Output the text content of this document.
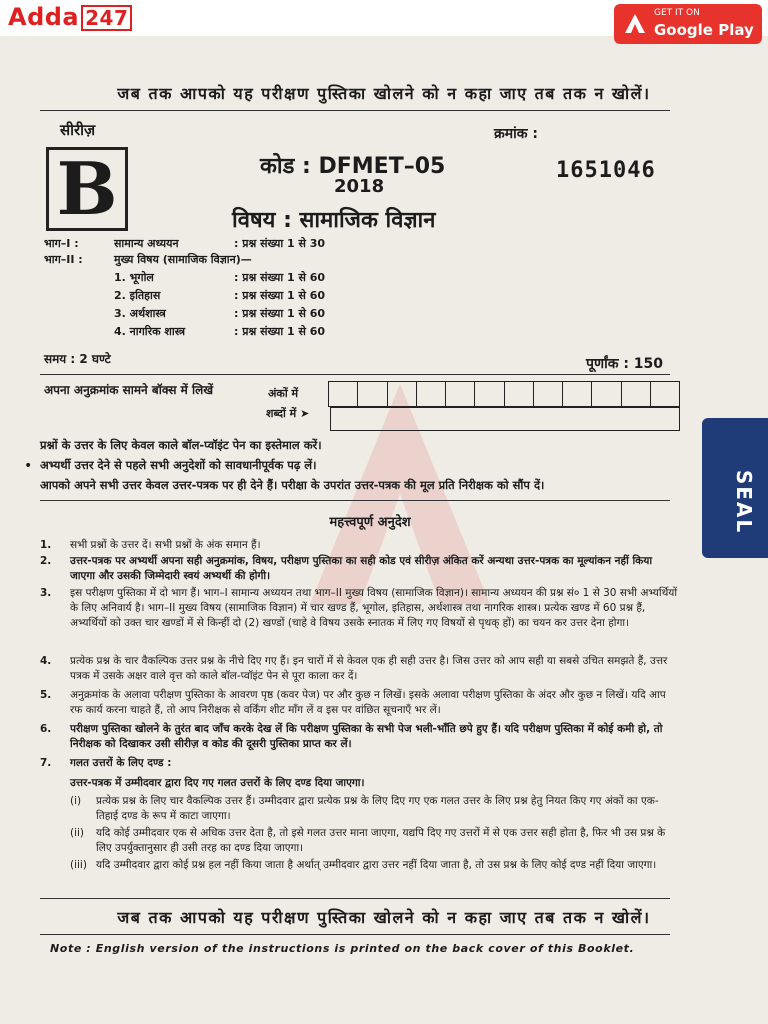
Adda 247	GET IT ON
Google Play
जब तक आपको यह परीक्षण पुस्तिका खोलने को न कहा जाए तब तक न खोलें।
सीरीज़	क्रमांक :
B	कोड : DFMET–05
2018
1651046
विषय : सामाजिक विज्ञान
भाग–I :	सामान्य अध्ययन	: प्रश्न संख्या 1 से 30
भाग–II :	मुख्य विषय (सामाजिक विज्ञान)—
1. भूगोल	: प्रश्न संख्या 1 से 60
2. इतिहास	: प्रश्न संख्या 1 से 60
3. अर्थशास्त्र	: प्रश्न संख्या 1 से 60
4. नागरिक शास्त्र	: प्रश्न संख्या 1 से 60
समय : 2 घण्टे	पूर्णांक : 150
अपना अनुक्रमांक सामने बॉक्स में लिखें	अंकों में
शब्दों में ➤
प्रश्नों के उत्तर के लिए केवल काले बॉल-प्वॉइंट पेन का इस्तेमाल करें।
• अभ्यर्थी उत्तर देने से पहले सभी अनुदेशों को सावधानीपूर्वक पढ़ लें।
आपको अपने सभी उत्तर केवल उत्तर-पत्रक पर ही देने हैं। परीक्षा के उपरांत उत्तर-पत्रक की मूल प्रति निरीक्षक को सौंप दें।
महत्त्वपूर्ण अनुदेश
1. सभी प्रश्नों के उत्तर दें। सभी प्रश्नों के अंक समान हैं।
2. उत्तर-पत्रक पर अभ्यर्थी अपना सही अनुक्रमांक, विषय, परीक्षण पुस्तिका का सही कोड एवं सीरीज़ अंकित करें अन्यथा उत्तर-पत्रक का मूल्यांकन नहीं किया जाएगा और उसकी जिम्मेदारी स्वयं अभ्यर्थी की होगी।
3. इस परीक्षण पुस्तिका में दो भाग हैं। भाग–I सामान्य अध्ययन तथा भाग–II मुख्य विषय (सामाजिक विज्ञान)। सामान्य अध्ययन की प्रश्न सं० 1 से 30 सभी अभ्यर्थियों के लिए अनिवार्य है। भाग–II मुख्य विषय (सामाजिक विज्ञान) में चार खण्ड हैं, भूगोल, इतिहास, अर्थशास्त्र तथा नागरिक शास्त्र। प्रत्येक खण्ड में 60 प्रश्न हैं, अभ्यर्थियों को उक्त चार खण्डों में से किन्हीं दो (2) खण्डों (चाहे वे विषय उसके स्नातक में लिए गए विषयों से पृथक् हों) का चयन कर उत्तर देना होगा।
4. प्रत्येक प्रश्न के चार वैकल्पिक उत्तर प्रश्न के नीचे दिए गए हैं। इन चारों में से केवल एक ही सही उत्तर है। जिस उत्तर को आप सही या सबसे उचित समझते हैं, उत्तर पत्रक में उसके अक्षर वाले वृत्त को काले बॉल-प्वॉइंट पेन से पूरा काला कर दें।
5. अनुक्रमांक के अलावा परीक्षण पुस्तिका के आवरण पृष्ठ (कवर पेज) पर और कुछ न लिखें। इसके अलावा परीक्षण पुस्तिका के अंदर और कुछ न लिखें। यदि आप रफ कार्य करना चाहते हैं, तो आप निरीक्षक से वर्किंग शीट माँग लें व इस पर वांछित सूचनाएँ भर लें।
6. परीक्षण पुस्तिका खोलने के तुरंत बाद जाँच करके देख लें कि परीक्षण पुस्तिका के सभी पेज भली-भाँति छपे हुए हैं। यदि परीक्षण पुस्तिका में कोई कमी हो, तो निरीक्षक को दिखाकर उसी सीरीज़ व कोड की दूसरी पुस्तिका प्राप्त कर लें।
7. गलत उत्तरों के लिए दण्ड :
उत्तर-पत्रक में उम्मीदवार द्वारा दिए गए गलत उत्तरों के लिए दण्ड दिया जाएगा।
(i) प्रत्येक प्रश्न के लिए चार वैकल्पिक उत्तर हैं। उम्मीदवार द्वारा प्रत्येक प्रश्न के लिए दिए गए एक गलत उत्तर के लिए प्रश्न हेतु नियत किए गए अंकों का एक-तिहाई दण्ड के रूप में काटा जाएगा।
(ii) यदि कोई उम्मीदवार एक से अधिक उत्तर देता है, तो इसे गलत उत्तर माना जाएगा, यद्यपि दिए गए उत्तरों में से एक उत्तर सही होता है, फिर भी उस प्रश्न के लिए उपर्युक्तानुसार ही उसी तरह का दण्ड दिया जाएगा।
(iii) यदि उम्मीदवार द्वारा कोई प्रश्न हल नहीं किया जाता है अर्थात् उम्मीदवार द्वारा उत्तर नहीं दिया जाता है, तो उस प्रश्न के लिए कोई दण्ड नहीं दिया जाएगा।
जब तक आपको यह परीक्षण पुस्तिका खोलने को न कहा जाए तब तक न खोलें।
Note : English version of the instructions is printed on the back cover of this Booklet.
SEAL
